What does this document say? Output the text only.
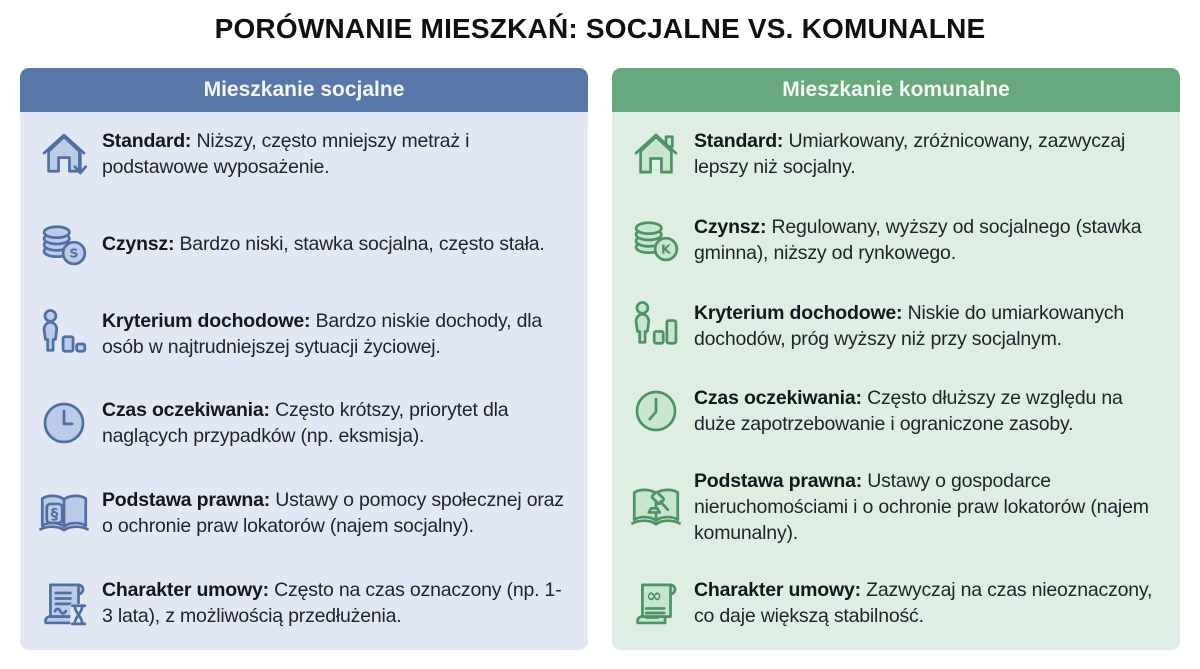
PORÓWNANIE MIESZKAŃ: SOCJALNE VS. KOMUNALNE
Mieszkanie socjalne
Standard: Niższy, często mniejszy metraż i podstawowe wyposażenie.
S Czynsz: Bardzo niski, stawka socjalna, często stała.
Kryterium dochodowe: Bardzo niskie dochody, dla osób w najtrudniejszej sytuacji życiowej.
Czas oczekiwania: Często krótszy, priorytet dla naglących przypadków (np. eksmisja).
§
Podstawa prawna: Ustawy o pomocy społecznej oraz o ochronie praw lokatorów (najem socjalny).
Charakter umowy: Często na czas oznaczony (np. 1-3 lata), z możliwością przedłużenia.
Mieszkanie komunalne
Standard: Umiarkowany, zróżnicowany, zazwyczaj lepszy niż socjalny.
K
Czynsz: Regulowany, wyższy od socjalnego (stawka gminna), niższy od rynkowego.
Kryterium dochodowe: Niskie do umiarkowanych dochodów, próg wyższy niż przy socjalnym.
Czas oczekiwania: Często dłuższy ze względu na duże zapotrzebowanie i ograniczone zasoby.
Podstawa prawna: Ustawy o gospodarce nieruchomościami i o ochronie praw lokatorów (najem komunalny).
∞ Charakter umowy: Zazwyczaj na czas nieoznaczony, co daje większą stabilność.
